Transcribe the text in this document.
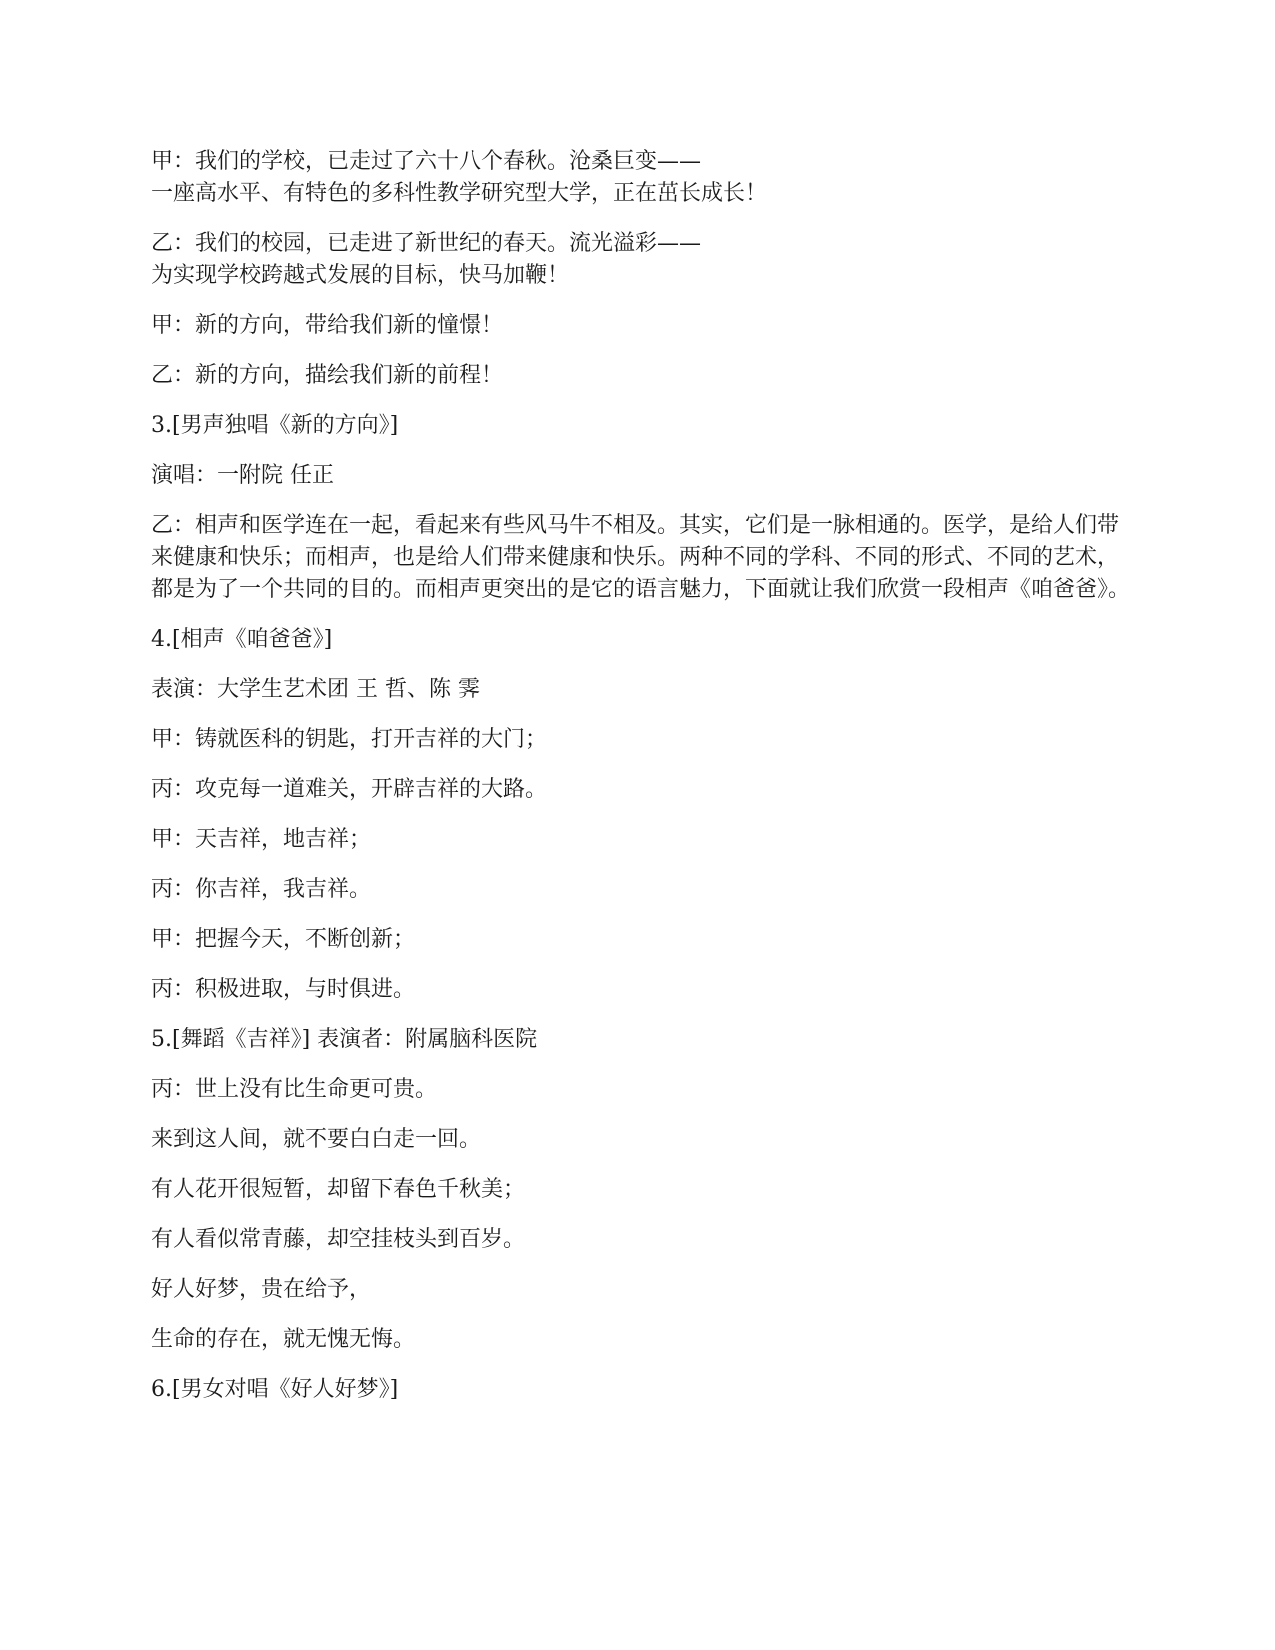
甲：我们的学校，已走过了六十八个春秋。沧桑巨变——
一座高水平、有特色的多科性教学研究型大学，正在茁长成长！

乙：我们的校园，已走进了新世纪的春天。流光溢彩——
为实现学校跨越式发展的目标，快马加鞭！

甲：新的方向，带给我们新的憧憬！

乙：新的方向，描绘我们新的前程！

3.[男声独唱《新的方向》]

演唱：一附院 任正

乙：相声和医学连在一起，看起来有些风马牛不相及。其实，它们是一脉相通的。医学，是给人们带来健康和快乐；而相声，也是给人们带来健康和快乐。两种不同的学科、不同的形式、不同的艺术，都是为了一个共同的目的。而相声更突出的是它的语言魅力，下面就让我们欣赏一段相声《咱爸爸》。

4.[相声《咱爸爸》]

表演：大学生艺术团 王 哲、陈 霁

甲：铸就医科的钥匙，打开吉祥的大门；

丙：攻克每一道难关，开辟吉祥的大路。

甲：天吉祥，地吉祥；

丙：你吉祥，我吉祥。

甲：把握今天，不断创新；

丙：积极进取，与时俱进。

5.[舞蹈《吉祥》] 表演者：附属脑科医院

丙：世上没有比生命更可贵。

来到这人间，就不要白白走一回。

有人花开很短暂，却留下春色千秋美；

有人看似常青藤，却空挂枝头到百岁。

好人好梦，贵在给予，

生命的存在，就无愧无悔。

6.[男女对唱《好人好梦》]
